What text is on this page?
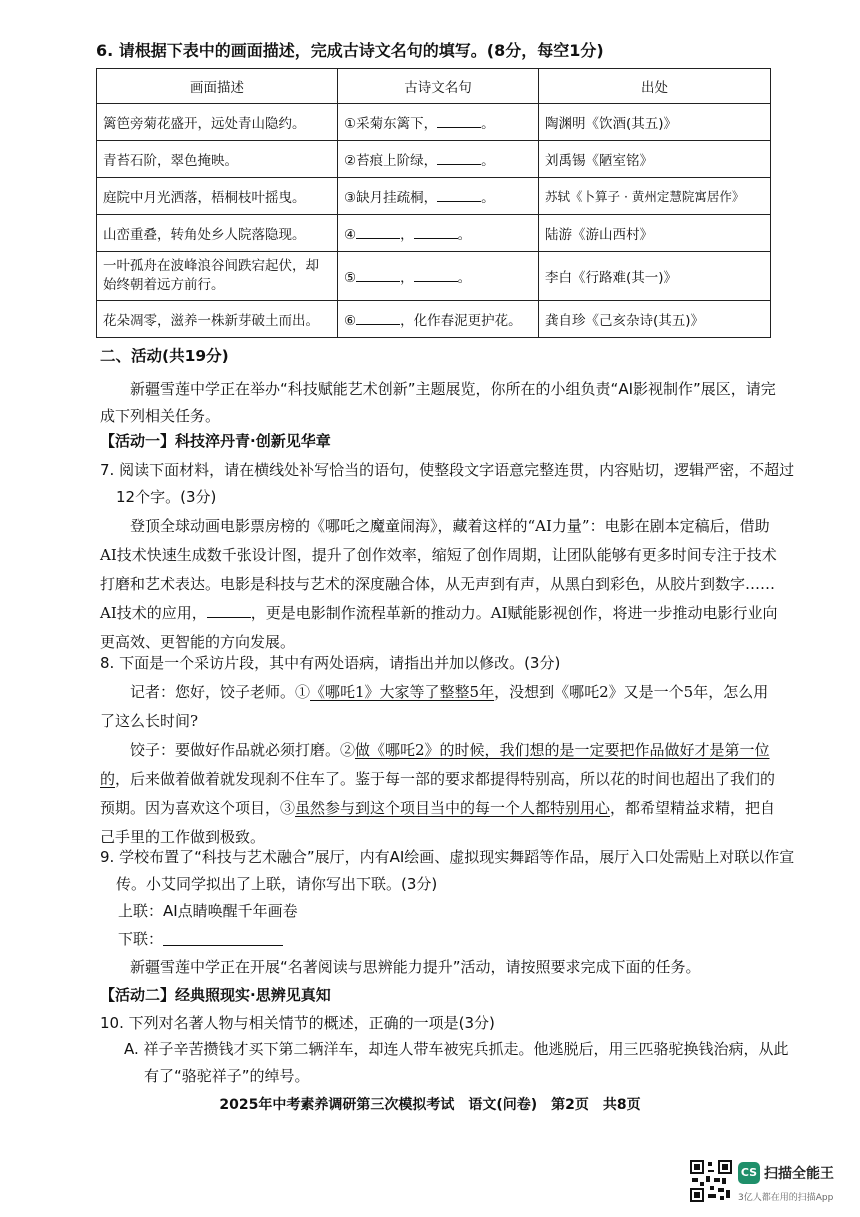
6. 请根据下表中的画面描述，完成古诗文名句的填写。(8分，每空1分)
画面描述	古诗文名句	出处
篱笆旁菊花盛开，远处青山隐约。	①采菊东篱下， 。	陶渊明《饮酒(其五)》
青苔石阶，翠色掩映。	②苔痕上阶绿， 。	刘禹锡《陋室铭》
庭院中月光洒落，梧桐枝叶摇曳。	③缺月挂疏桐， 。	苏轼《卜算子 · 黄州定慧院寓居作》
山峦重叠，转角处乡人院落隐现。	④ ， 。	陆游《游山西村》
一叶孤舟在波峰浪谷间跌宕起伏，却始终朝着远方前行。	⑤ ， 。	李白《行路难(其一)》
花朵凋零，滋养一株新芽破土而出。	⑥ ，化作春泥更护花。	龚自珍《己亥杂诗(其五)》
二、活动(共19分)
新疆雪莲中学正在举办“科技赋能艺术创新”主题展览，你所在的小组负责“AI影视制作”展区，请完成下列相关任务。
【活动一】科技淬丹青·创新见华章
7. 阅读下面材料，请在横线处补写恰当的语句，使整段文字语意完整连贯，内容贴切，逻辑严密，不超过12个字。(3分)
登顶全球动画电影票房榜的《哪吒之魔童闹海》，藏着这样的“AI力量”：电影在剧本定稿后，借助AI技术快速生成数千张设计图，提升了创作效率，缩短了创作周期，让团队能够有更多时间专注于技术打磨和艺术表达。电影是科技与艺术的深度融合体，从无声到有声，从黑白到彩色，从胶片到数字……AI技术的应用，	，更是电影制作流程革新的推动力。AI赋能影视创作，将进一步推动电影行业向更高效、更智能的方向发展。
8. 下面是一个采访片段，其中有两处语病，请指出并加以修改。(3分)
记者：您好，饺子老师。①《哪吒1》大家等了整整5年，没想到《哪吒2》又是一个5年，怎么用了这么长时间?
饺子：要做好作品就必须打磨。②做《哪吒2》的时候，我们想的是一定要把作品做好才是第一位的，后来做着做着就发现刹不住车了。鉴于每一部的要求都提得特别高，所以花的时间也超出了我们的预期。因为喜欢这个项目，③虽然参与到这个项目当中的每一个人都特别用心，都希望精益求精，把自己手里的工作做到极致。
9. 学校布置了“科技与艺术融合”展厅，内有AI绘画、虚拟现实舞蹈等作品，展厅入口处需贴上对联以作宣传。小艾同学拟出了上联，请你写出下联。(3分)
上联：AI点睛唤醒千年画卷
下联：
新疆雪莲中学正在开展“名著阅读与思辨能力提升”活动，请按照要求完成下面的任务。
【活动二】经典照现实·思辨见真知
10. 下列对名著人物与相关情节的概述，正确的一项是(3分)
A. 祥子辛苦攒钱才买下第二辆洋车，却连人带车被宪兵抓走。他逃脱后，用三匹骆驼换钱治病，从此有了“骆驼祥子”的绰号。
2025年中考素养调研第三次模拟考试　语文(问卷)　第2页　共8页
CS 扫描全能王
3亿人都在用的扫描App
